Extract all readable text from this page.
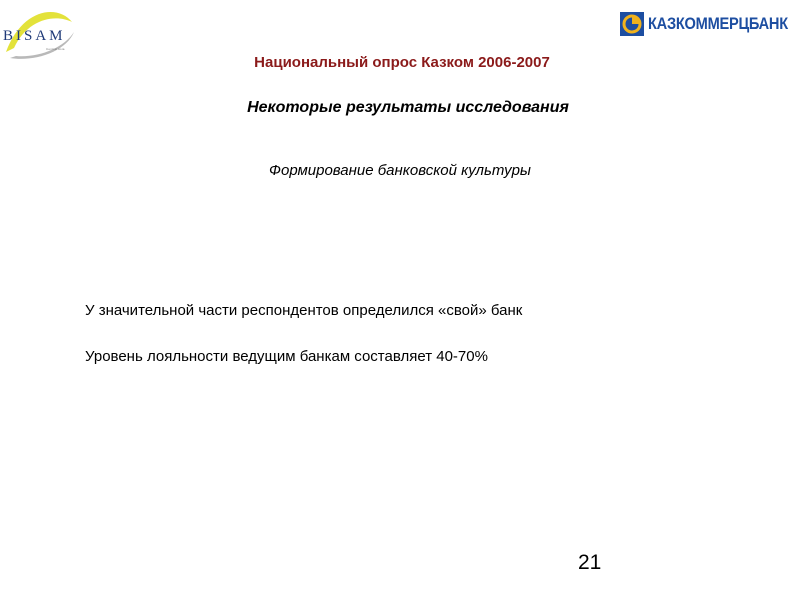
BISAM
Central Asia
КАЗКОММЕРЦБАНК
Национальный опрос Казком 2006-2007
Некоторые результаты исследования
Формирование банковской культуры
У значительной части респондентов определился «свой» банк
Уровень лояльности ведущим банкам составляет 40-70%
21
